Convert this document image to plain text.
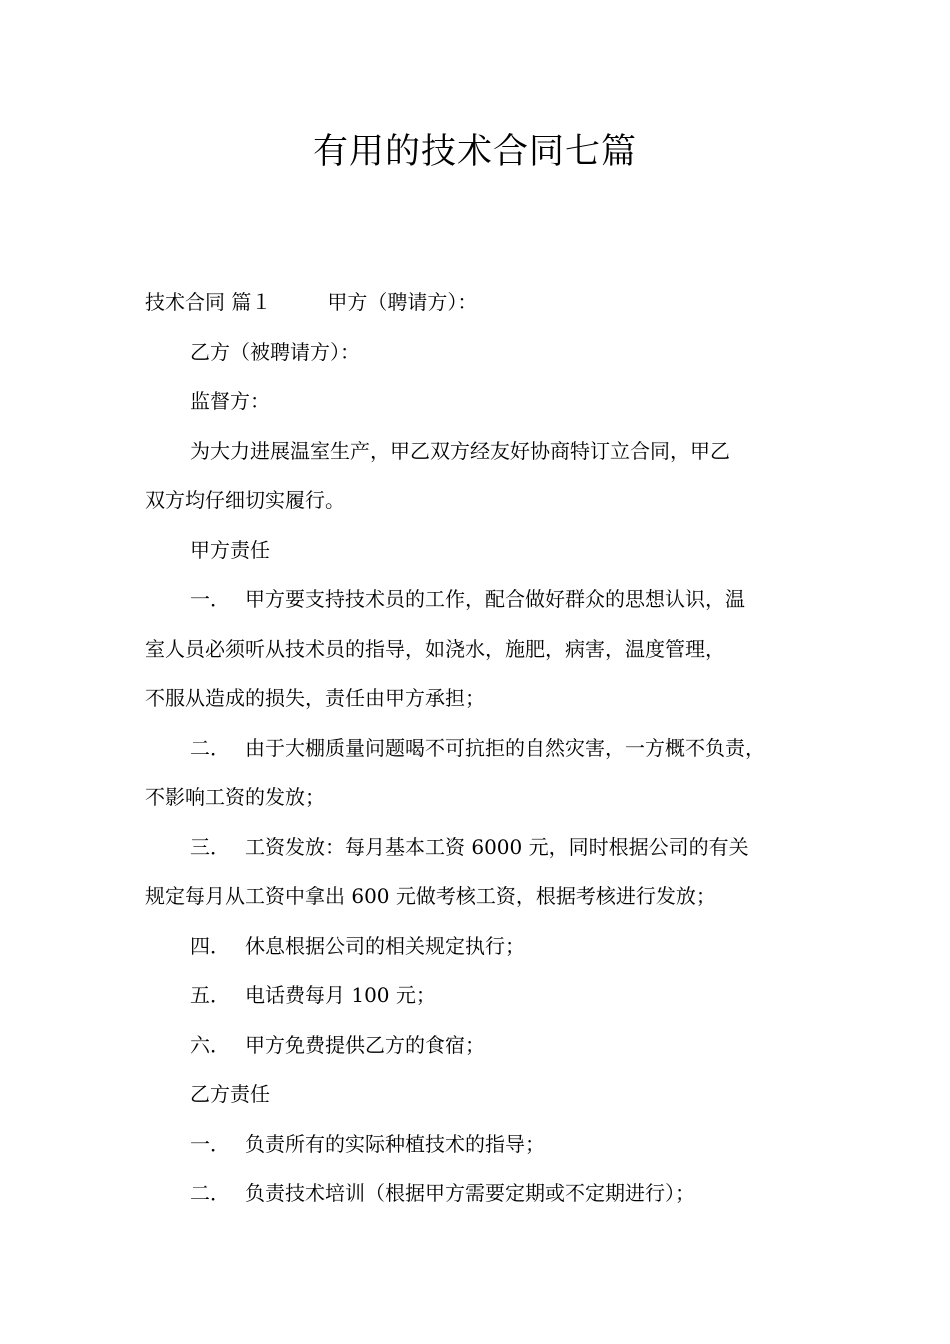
有用的技术合同七篇
技术合同 篇１	甲方（聘请方）：
乙方（被聘请方）：
监督方：
为大力进展温室生产，甲乙双方经友好协商特订立合同，甲乙
双方均仔细切实履行。
甲方责任
一． 甲方要支持技术员的工作，配合做好群众的思想认识，温
室人员必须听从技术员的指导，如浇水，施肥，病害，温度管理，
不服从造成的损失，责任由甲方承担；
二． 由于大棚质量问题喝不可抗拒的自然灾害，一方概不负责，
不影响工资的发放；
三． 工资发放：每月基本工资 6000 元，同时根据公司的有关
规定每月从工资中拿出 600 元做考核工资，根据考核进行发放；
四． 休息根据公司的相关规定执行；
五． 电话费每月 100 元；
六． 甲方免费提供乙方的食宿；
乙方责任
一． 负责所有的实际种植技术的指导；
二． 负责技术培训（根据甲方需要定期或不定期进行）；
